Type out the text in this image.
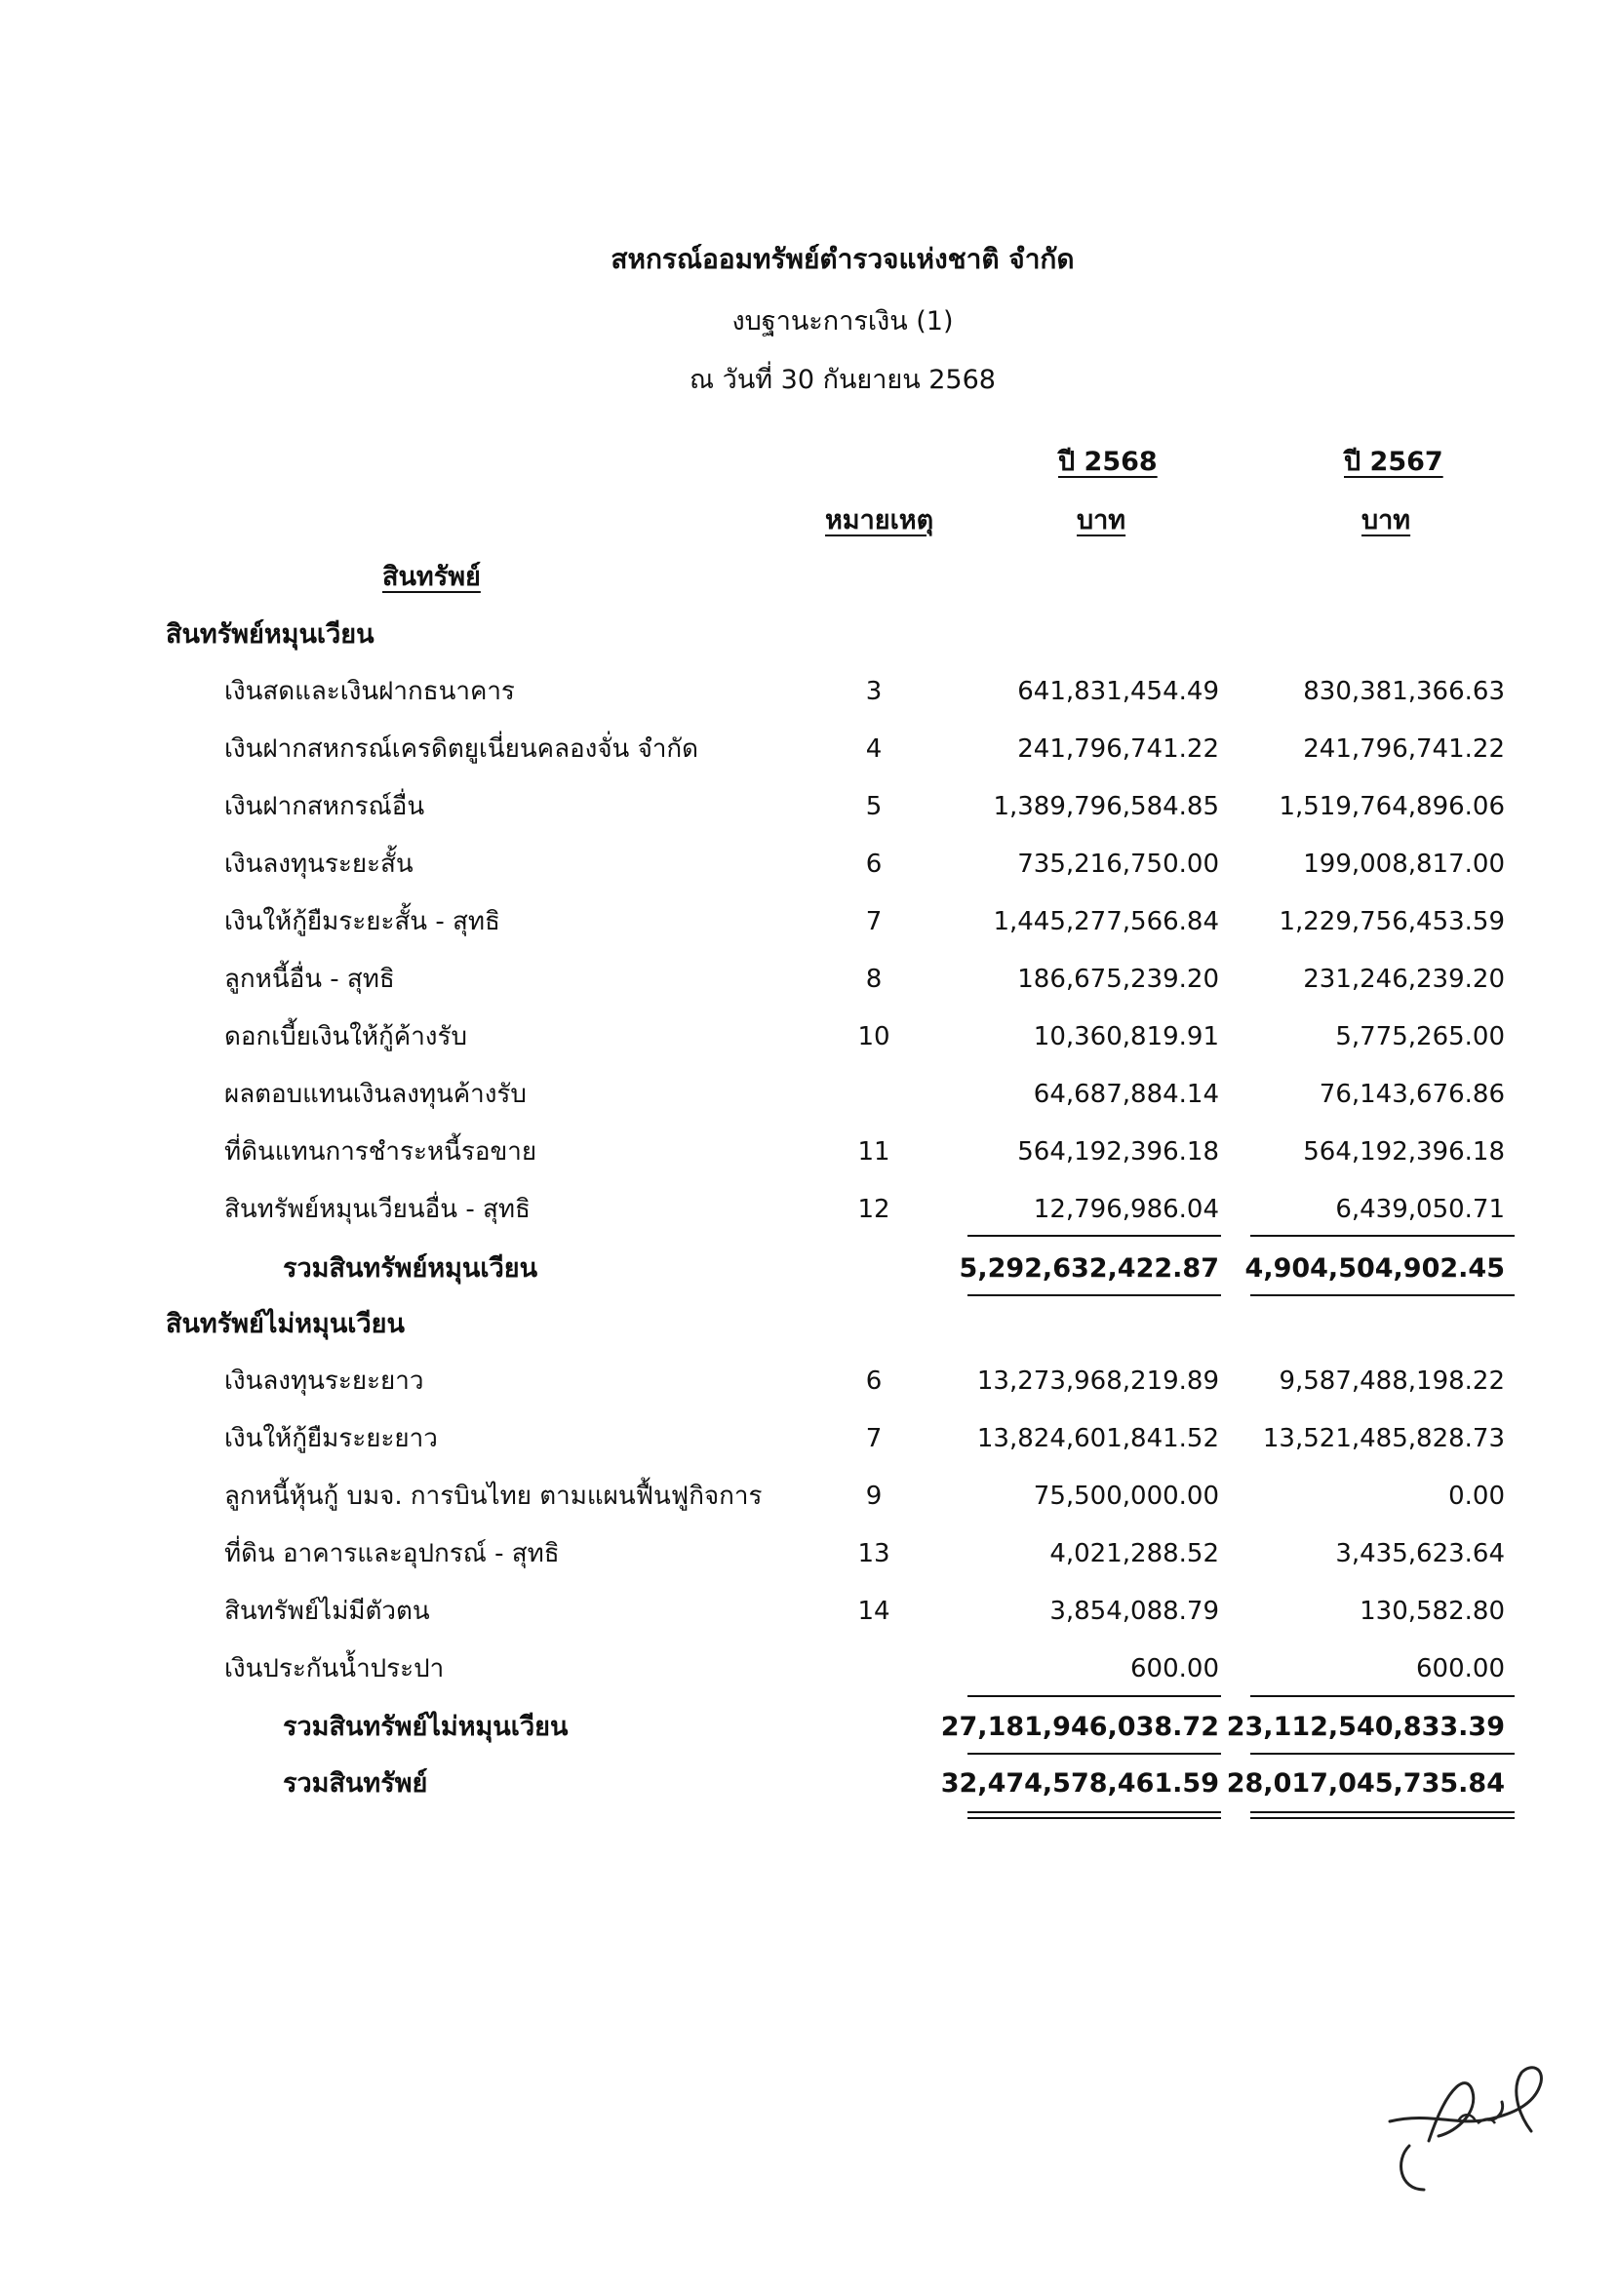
สหกรณ์ออมทรัพย์ตำรวจแห่งชาติ จำกัด
งบฐานะการเงิน (1)
ณ วันที่ 30 กันยายน 2568
ปี 2568	ปี 2567
หมายเหตุ	บาท	บาท
สินทรัพย์
สินทรัพย์หมุนเวียน
เงินสดและเงินฝากธนาคาร	3	641,831,454.49	830,381,366.63
เงินฝากสหกรณ์เครดิตยูเนี่ยนคลองจั่น จำกัด	4	241,796,741.22	241,796,741.22
เงินฝากสหกรณ์อื่น	5	1,389,796,584.85 1,519,764,896.06
เงินลงทุนระยะสั้น	6	735,216,750.00	199,008,817.00
เงินให้กู้ยืมระยะสั้น - สุทธิ	7	1,445,277,566.84 1,229,756,453.59
ลูกหนี้อื่น - สุทธิ	8	186,675,239.20	231,246,239.20
ดอกเบี้ยเงินให้กู้ค้างรับ	10	10,360,819.91	5,775,265.00
ผลตอบแทนเงินลงทุนค้างรับ	64,687,884.14	76,143,676.86
ที่ดินแทนการชำระหนี้รอขาย	11	564,192,396.18	564,192,396.18
สินทรัพย์หมุนเวียนอื่น - สุทธิ	12	12,796,986.04	6,439,050.71
รวมสินทรัพย์หมุนเวียน	5,292,632,422.87 4,904,504,902.45
สินทรัพย์ไม่หมุนเวียน
เงินลงทุนระยะยาว	6	13,273,968,219.89 9,587,488,198.22
เงินให้กู้ยืมระยะยาว	7	13,824,601,841.52 13,521,485,828.73
ลูกหนี้หุ้นกู้ บมจ. การบินไทย ตามแผนฟื้นฟูกิจการ	9	75,500,000.00	0.00
ที่ดิน อาคารและอุปกรณ์ - สุทธิ	13	4,021,288.52	3,435,623.64
สินทรัพย์ไม่มีตัวตน	14	3,854,088.79	130,582.80
เงินประกันน้ำประปา	600.00	600.00
รวมสินทรัพย์ไม่หมุนเวียน	27,181,946,038.72 23,112,540,833.39
รวมสินทรัพย์	32,474,578,461.59 28,017,045,735.84
